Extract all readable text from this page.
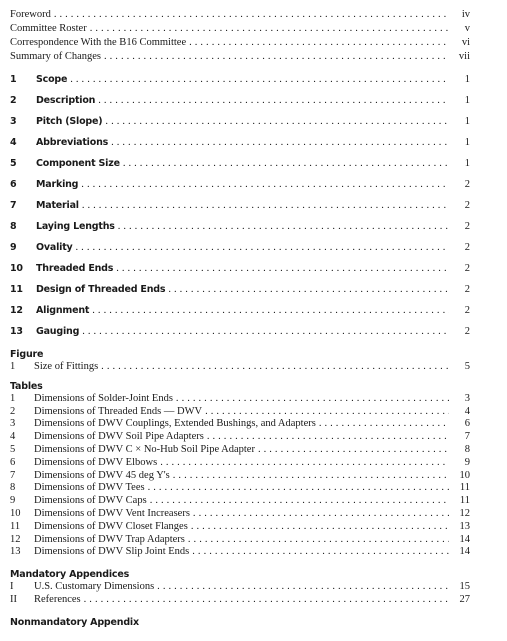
Foreword . . .	iv
Committee Roster . . .	v
Correspondence With the B16 Committee . . .	vi
Summary of Changes . . .	vii
1	Scope . . .	1
2	Description . . .	1
3	Pitch (Slope) . . .	1
4	Abbreviations . . .	1
5	Component Size . . .	1
6	Marking . . .	2
7	Material . . .	2
8	Laying Lengths . . .	2
9	Ovality . . .	2
10	Threaded Ends . . .	2
11	Design of Threaded Ends . . .	2
12	Alignment . . .	2
13	Gauging . . .	2
Figure
1	Size of Fittings . . .	5
Tables
1	Dimensions of Solder-Joint Ends . . .	3
2	Dimensions of Threaded Ends — DWV . . .	4
3	Dimensions of DWV Couplings, Extended Bushings, and Adapters . . .	6
4	Dimensions of DWV Soil Pipe Adapters . . .	7
5	Dimensions of DWV C × No-Hub Soil Pipe Adapter . . .	8
6	Dimensions of DWV Elbows . . .	9
7	Dimensions of DWV 45 deg Y's . . .	10
8	Dimensions of DWV Tees . . .	11
9	Dimensions of DWV Caps . . .	11
10	Dimensions of DWV Vent Increasers . . .	12
11	Dimensions of DWV Closet Flanges . . .	13
12	Dimensions of DWV Trap Adapters . . .	14
13	Dimensions of DWV Slip Joint Ends . . .	14
Mandatory Appendices
I	U.S. Customary Dimensions . . .	15
II	References . . .	27
Nonmandatory Appendix
